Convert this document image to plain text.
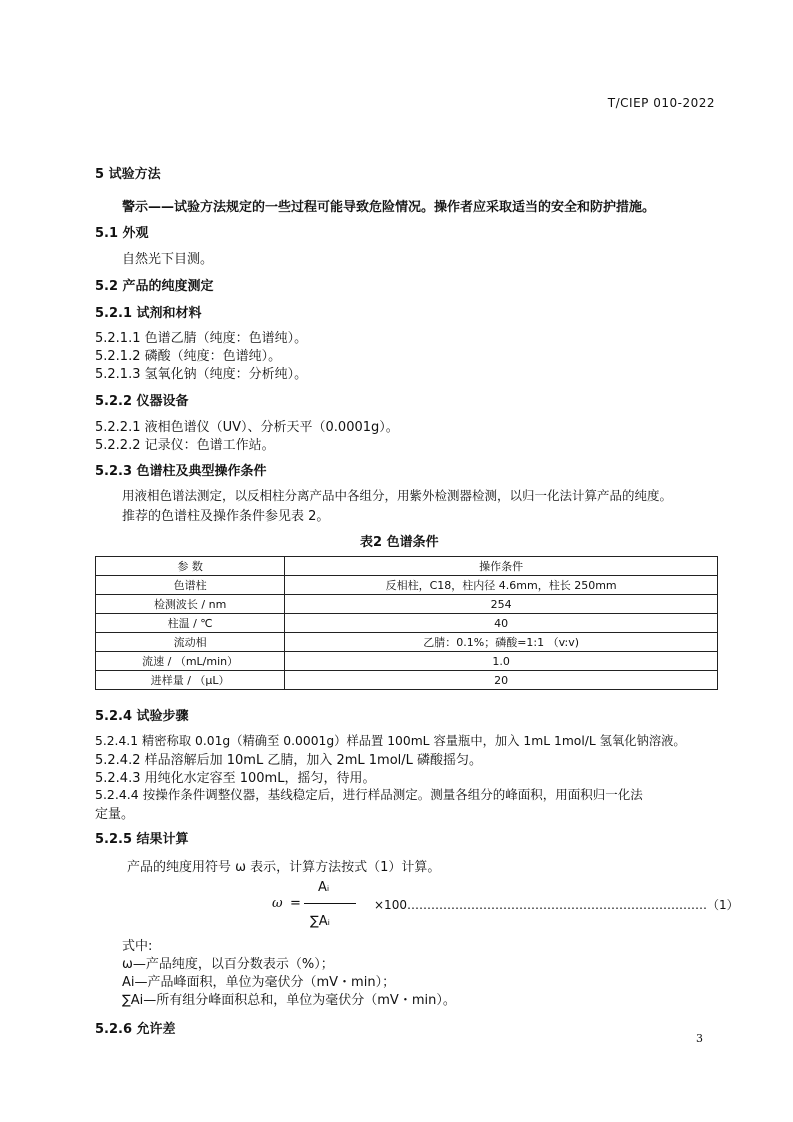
T/CIEP 010-2022
5 试验方法
警示——试验方法规定的一些过程可能导致危险情况。操作者应采取适当的安全和防护措施。
5.1 外观
自然光下目测。
5.2 产品的纯度测定
5.2.1 试剂和材料
5.2.1.1 色谱乙腈（纯度：色谱纯）。
5.2.1.2 磷酸（纯度：色谱纯）。
5.2.1.3 氢氧化钠（纯度：分析纯）。
5.2.2 仪器设备
5.2.2.1 液相色谱仪（UV）、分析天平（0.0001g）。
5.2.2.2 记录仪：色谱工作站。
5.2.3 色谱柱及典型操作条件
用液相色谱法测定，以反相柱分离产品中各组分，用紫外检测器检测，以归一化法计算产品的纯度。
推荐的色谱柱及操作条件参见表 2。
表2 色谱条件
参 数	操作条件
色谱柱	反相柱，C18，柱内径 4.6mm，柱长 250mm
检测波长 / nm	254
柱温 / ℃	40
流动相	乙腈：0.1%；磷酸=1:1 （v:v)
流速 / （mL/min）	1.0
进样量 / （μL）	20
5.2.4 试验步骤
5.2.4.1 精密称取 0.01g（精确至 0.0001g）样品置 100mL 容量瓶中，加入 1mL 1mol/L 氢氧化钠溶液。
5.2.4.2 样品溶解后加 10mL 乙腈，加入 2mL 1mol/L 磷酸摇匀。
5.2.4.3 用纯化水定容至 100mL，摇匀，待用。
5.2.4.4 按操作条件调整仪器，基线稳定后，进行样品测定。测量各组分的峰面积，用面积归一化法
定量。
5.2.5 结果计算
产品的纯度用符号 ω 表示，计算方法按式（1）计算。
ω =
Aᵢ
∑Aᵢ
×100…………………………………………………………………（1）
式中:
ω—产品纯度，以百分数表示（%）；
Ai—产品峰面积，单位为毫伏分（mV・min）；
∑Ai—所有组分峰面积总和，单位为毫伏分（mV・min）。
5.2.6 允许差
3
